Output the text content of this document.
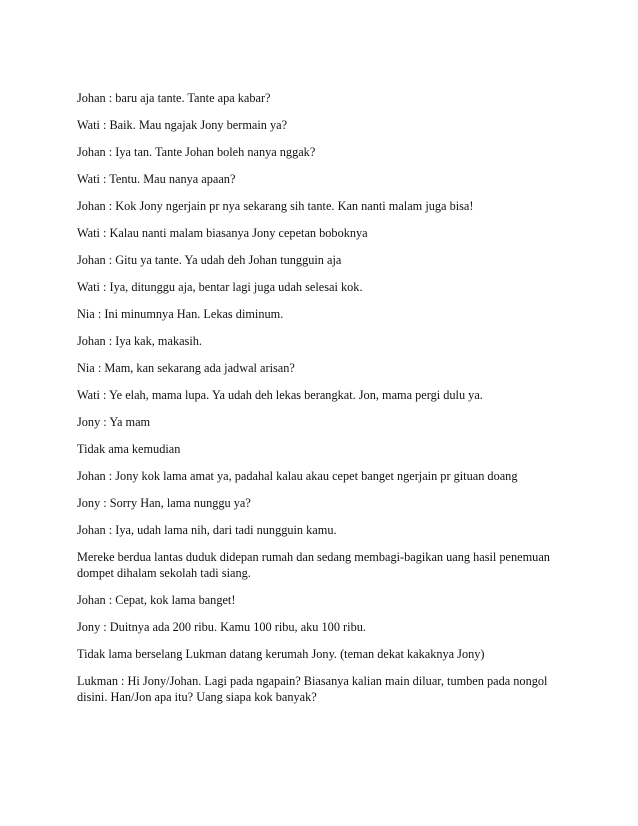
Johan : baru aja tante. Tante apa kabar?

Wati : Baik. Mau ngajak Jony bermain ya?

Johan : Iya tan. Tante Johan boleh nanya nggak?

Wati : Tentu. Mau nanya apaan?

Johan : Kok Jony ngerjain pr nya sekarang sih tante. Kan nanti malam juga bisa!

Wati : Kalau nanti malam biasanya Jony cepetan boboknya

Johan : Gitu ya tante. Ya udah deh Johan tungguin aja

Wati : Iya, ditunggu aja, bentar lagi juga udah selesai kok.

Nia : Ini minumnya Han. Lekas diminum.

Johan : Iya kak, makasih.

Nia : Mam, kan sekarang ada jadwal arisan?

Wati : Ye elah, mama lupa. Ya udah deh lekas berangkat. Jon, mama pergi dulu ya.

Jony : Ya mam

Tidak ama kemudian

Johan : Jony kok lama amat ya, padahal kalau akau cepet banget ngerjain pr gituan doang

Jony : Sorry Han, lama nunggu ya?

Johan : Iya, udah lama nih, dari tadi nungguin kamu.

Mereke berdua lantas duduk didepan rumah dan sedang membagi-bagikan uang hasil penemuan dompet dihalam sekolah tadi siang.

Johan : Cepat, kok lama banget!

Jony : Duitnya ada 200 ribu. Kamu 100 ribu, aku 100 ribu.

Tidak lama berselang Lukman datang kerumah Jony. (teman dekat kakaknya Jony)

Lukman : Hi Jony/Johan. Lagi pada ngapain? Biasanya kalian main diluar, tumben pada nongol disini. Han/Jon apa itu? Uang siapa kok banyak?
